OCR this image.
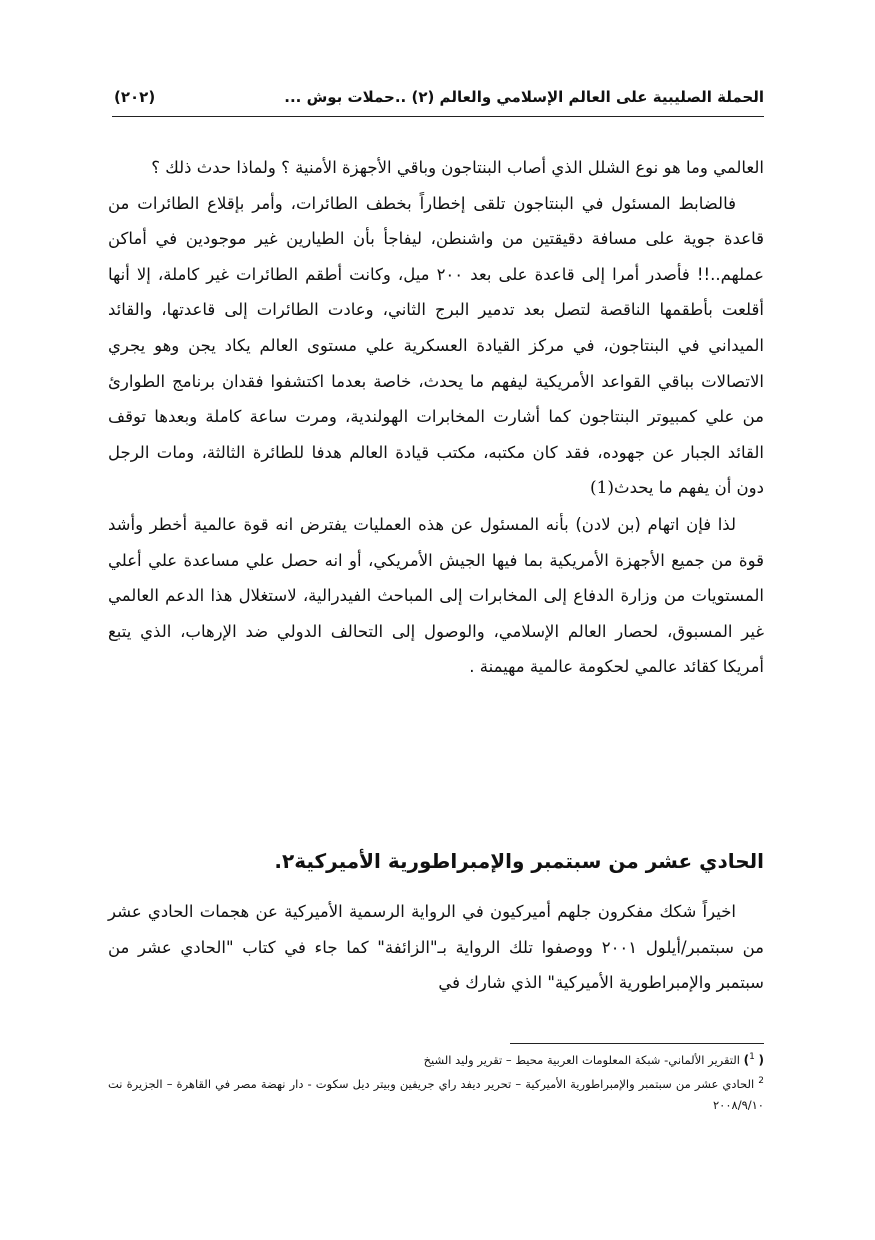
الحملة الصليبية على العالم الإسلامي والعالم (٢) ..حملات بوش ...
(٢٠٢)

العالمي وما هو نوع الشلل الذي أصاب البنتاجون وباقي الأجهزة الأمنية ؟ ولماذا حدث ذلك ؟

فالضابط المسئول في البنتاجون تلقى إخطاراً بخطف الطائرات، وأمر بإقلاع الطائرات من قاعدة جوية على مسافة دقيقتين من واشنطن، ليفاجأ بأن الطيارين غير موجودين في أماكن عملهم..!! فأصدر أمرا إلى قاعدة على بعد ٢٠٠ ميل، وكانت أطقم الطائرات غير كاملة، إلا أنها أقلعت بأطقمها الناقصة لتصل بعد تدمير البرج الثاني، وعادت الطائرات إلى قاعدتها، والقائد الميداني في البنتاجون، في مركز القيادة العسكرية علي مستوى العالم يكاد يجن وهو يجري الاتصالات بباقي القواعد الأمريكية ليفهم ما يحدث، خاصة بعدما اكتشفوا فقدان برنامج الطوارئ من علي كمبيوتر البنتاجون كما أشارت المخابرات الهولندية، ومرت ساعة كاملة وبعدها توقف القائد الجبار عن جهوده، فقد كان مكتبه، مكتب قيادة العالم هدفا للطائرة الثالثة، ومات الرجل دون أن يفهم ما يحدث(1)

لذا فإن اتهام (بن لادن) بأنه المسئول عن هذه العمليات يفترض انه قوة عالمية أخطر وأشد قوة من جميع الأجهزة الأمريكية بما فيها الجيش الأمريكي، أو انه حصل علي مساعدة علي أعلي المستويات من وزارة الدفاع إلى المخابرات إلى المباحث الفيدرالية، لاستغلال هذا الدعم العالمي غير المسبوق، لحصار العالم الإسلامي، والوصول إلى التحالف الدولي ضد الإرهاب، الذي يتبع أمريكا كقائد عالمي لحكومة عالمية مهيمنة .

الحادي عشر من سبتمبر والإمبراطورية الأميركية٢.

اخيراً شكك مفكرون جلهم أميركيون في الرواية الرسمية الأميركية عن هجمات الحادي عشر من سبتمبر/أيلول ٢٠٠١ ووصفوا تلك الرواية بـ"الزائفة" كما جاء في كتاب "الحادي عشر من سبتمبر والإمبراطورية الأميركية" الذي شارك في

( $^1$) التقرير الألماني- شبكة المعلومات العربية محيط – تقرير وليد الشيخ

$^2$ الحادي عشر من سبتمبر والإمبراطورية الأميركية – تحرير ديفد راي جريفين وبيتر ديل سكوت - دار نهضة مصر في القاهرة – الجزيرة نت ٢٠٠٨/٩/١٠
